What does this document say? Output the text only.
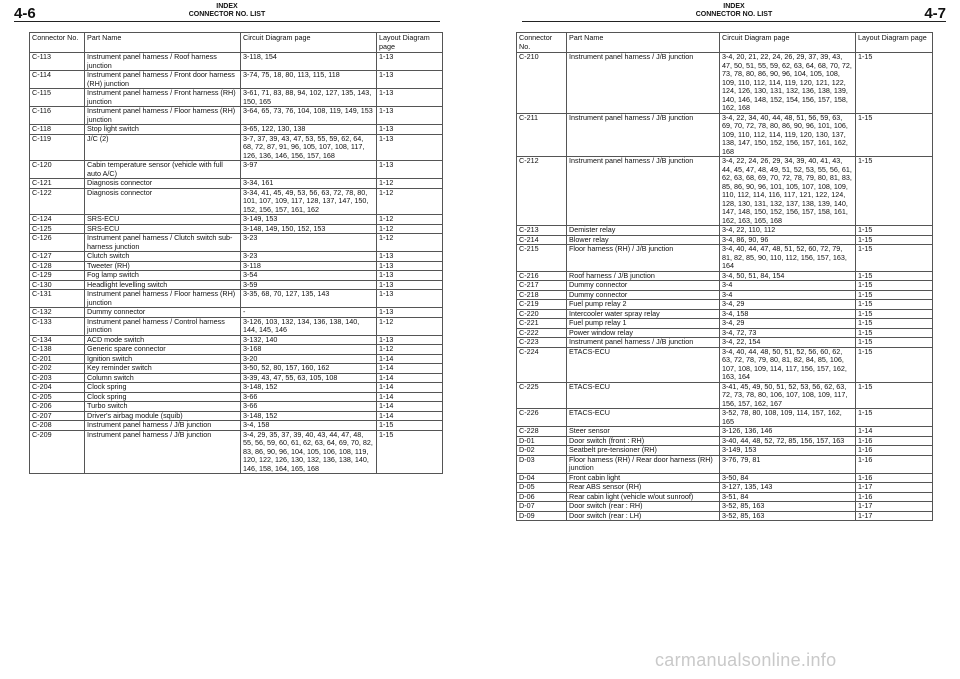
4-6	INDEX
CONNECTOR NO. LIST
Connector No.	Part Name	Circuit Diagram page	Layout Diagram page
C-113	Instrument panel harness / Roof harness junction	3-118, 154	1-13
C-114	Instrument panel harness / Front door harness (RH) junction	3-74, 75, 18, 80, 113, 115, 118	1-13
C-115	Instrument panel harness / Front harness (RH) junction	3-61, 71, 83, 88, 94, 102, 127, 135, 143, 150, 165	1-13
C-116	Instrument panel harness / Floor harness (RH) junction	3-64, 65, 73, 76, 104, 108, 119, 149, 153	1-13
C-118	Stop light switch	3-65, 122, 130, 138	1-13
C-119	J/C (2)	3-7, 37, 39, 43, 47, 53, 55, 59, 62, 64, 68, 72, 87, 91, 96, 105, 107, 108, 117, 126, 136, 146, 156, 157, 168	1-13
C-120	Cabin temperature sensor (vehicle with full auto A/C)	3-97	1-13
C-121	Diagnosis connector	3-34, 161	1-12
C-122	Diagnosis connector	3-34, 41, 45, 49, 53, 56, 63, 72, 78, 80, 101, 107, 109, 117, 128, 137, 147, 150, 152, 156, 157, 161, 162	1-12
C-124	SRS-ECU	3-149, 153	1-12
C-125	SRS-ECU	3-148, 149, 150, 152, 153	1-12
C-126	Instrument panel harness / Clutch switch sub-harness junction	3-23	1-12
C-127	Clutch switch	3-23	1-13
C-128	Tweeter (RH)	3-118	1-13
C-129	Fog lamp switch	3-54	1-13
C-130	Headlight levelling switch	3-59	1-13
C-131	Instrument panel harness / Floor harness (RH) junction	3-35, 68, 70, 127, 135, 143	1-13
C-132	Dummy connector	-	1-13
C-133	Instrument panel harness / Control harness junction	3-126, 103, 132, 134, 136, 138, 140, 144, 145, 146	1-12
C-134	ACD mode switch	3-132, 140	1-13
C-138	Generic spare connector	3-168	1-12
C-201	Ignition switch	3-20	1-14
C-202	Key reminder switch	3-50, 52, 80, 157, 160, 162	1-14
C-203	Column switch	3-39, 43, 47, 55, 63, 105, 108	1-14
C-204	Clock spring	3-148, 152	1-14
C-205	Clock spring	3-66	1-14
C-206	Turbo switch	3-66	1-14
C-207	Driver's airbag module (squib)	3-148, 152	1-14
C-208	Instrument panel harness / J/B junction	3-4, 158	1-15
C-209	Instrument panel harness / J/B junction	3-4, 29, 35, 37, 39, 40, 43, 44, 47, 48, 55, 56, 59, 60, 61, 62, 63, 64, 69, 70, 82, 83, 86, 90, 96, 104, 105, 106, 108, 119, 120, 122, 126, 130, 132, 136, 138, 140, 146, 158, 164, 165, 168	1-15
INDEX
CONNECTOR NO. LIST	4-7
Connector No.	Part Name	Circuit Diagram page	Layout Diagram page
C-210	Instrument panel harness / J/B junction	3-4, 20, 21, 22, 24, 26, 29, 37, 39, 43, 47, 50, 51, 55, 59, 62, 63, 64, 68, 70, 72, 73, 78, 80, 86, 90, 96, 104, 105, 108, 109, 110, 112, 114, 119, 120, 121, 122, 124, 126, 130, 131, 132, 136, 138, 139, 140, 146, 148, 152, 154, 156, 157, 158, 162, 168	1-15
C-211	Instrument panel harness / J/B junction	3-4, 22, 34, 40, 44, 48, 51, 56, 59, 63, 69, 70, 72, 78, 80, 86, 90, 96, 101, 106, 109, 110, 112, 114, 119, 120, 130, 137, 138, 147, 150, 152, 156, 157, 161, 162, 168	1-15
C-212	Instrument panel harness / J/B junction	3-4, 22, 24, 26, 29, 34, 39, 40, 41, 43, 44, 45, 47, 48, 49, 51, 52, 53, 55, 56, 61, 62, 63, 68, 69, 70, 72, 78, 79, 80, 81, 83, 85, 86, 90, 96, 101, 105, 107, 108, 109, 110, 112, 114, 116, 117, 121, 122, 124, 128, 130, 131, 132, 137, 138, 139, 140, 147, 148, 150, 152, 156, 157, 158, 161, 162, 163, 165, 168	1-15
C-213	Demister relay	3-4, 22, 110, 112	1-15
C-214	Blower relay	3-4, 86, 90, 96	1-15
C-215	Floor harness (RH) / J/B junction	3-4, 40, 44, 47, 48, 51, 52, 60, 72, 79, 81, 82, 85, 90, 110, 112, 156, 157, 163, 164	1-15
C-216	Roof harness / J/B junction	3-4, 50, 51, 84, 154	1-15
C-217	Dummy connector	3-4	1-15
C-218	Dummy connector	3-4	1-15
C-219	Fuel pump relay 2	3-4, 29	1-15
C-220	Intercooler water spray relay	3-4, 158	1-15
C-221	Fuel pump relay 1	3-4, 29	1-15
C-222	Power window relay	3-4, 72, 73	1-15
C-223	Instrument panel harness / J/B junction	3-4, 22, 154	1-15
C-224	ETACS-ECU	3-4, 40, 44, 48, 50, 51, 52, 56, 60, 62, 63, 72, 78, 79, 80, 81, 82, 84, 85, 106, 107, 108, 109, 114, 117, 156, 157, 162, 163, 164	1-15
C-225	ETACS-ECU	3-41, 45, 49, 50, 51, 52, 53, 56, 62, 63, 72, 73, 78, 80, 106, 107, 108, 109, 117, 156, 157, 162, 167	1-15
C-226	ETACS-ECU	3-52, 78, 80, 108, 109, 114, 157, 162, 165	1-15
C-228	Steer sensor	3-126, 136, 146	1-14
D-01	Door switch (front : RH)	3-40, 44, 48, 52, 72, 85, 156, 157, 163	1-16
D-02	Seatbelt pre-tensioner (RH)	3-149, 153	1-16
D-03	Floor harness (RH) / Rear door harness (RH) junction	3-76, 79, 81	1-16
D-04	Front cabin light	3-50, 84	1-16
D-05	Rear ABS sensor (RH)	3-127, 135, 143	1-17
D-06	Rear cabin light (vehicle w/out sunroof)	3-51, 84	1-16
D-07	Door switch (rear : RH)	3-52, 85, 163	1-17
D-09	Door switch (rear : LH)	3-52, 85, 163	1-17
carmanualsonline.info
